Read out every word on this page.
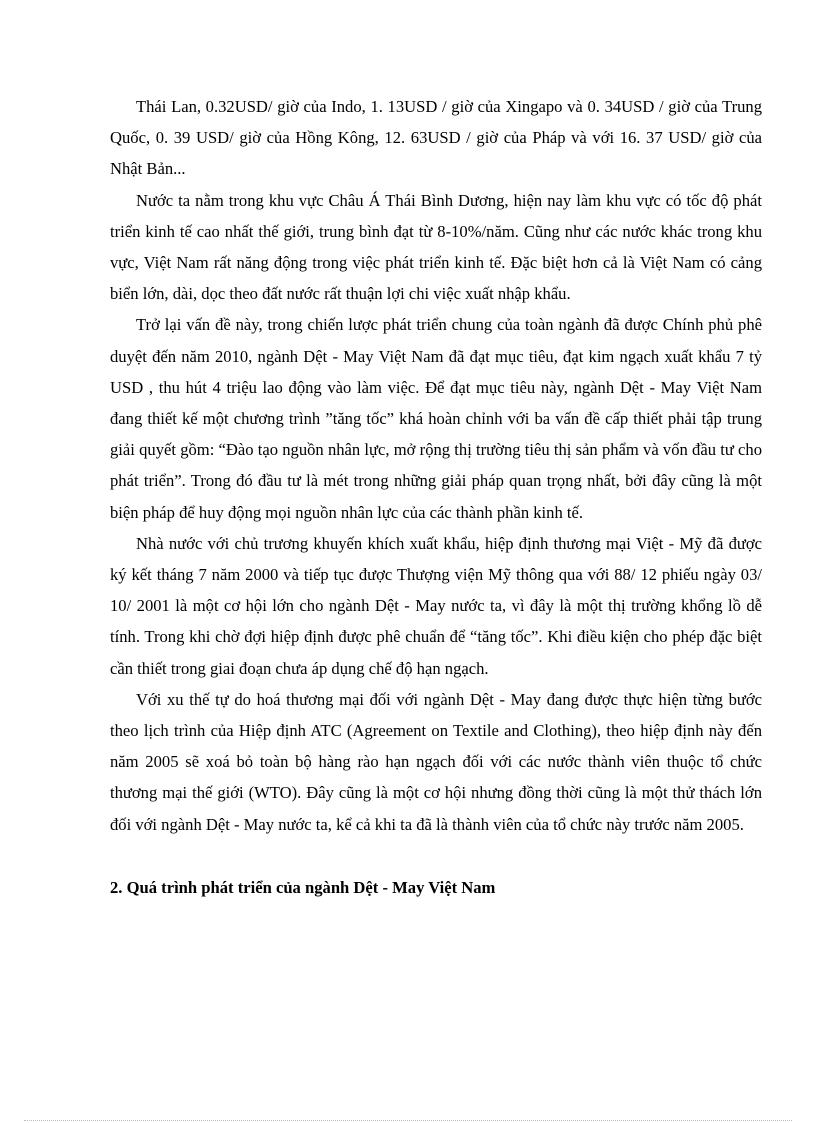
Thái Lan, 0.32USD/ giờ của Indo, 1. 13USD / giờ của Xingapo và 0. 34USD / giờ của Trung Quốc, 0. 39 USD/ giờ của Hồng Kông, 12. 63USD / giờ của Pháp và với 16. 37 USD/ giờ của Nhật Bản...

Nước ta nằm trong khu vực Châu Á Thái Bình Dương, hiện nay làm khu vực có tốc độ phát triển kinh tế cao nhất thế giới, trung bình đạt từ 8-10%/năm. Cũng như các nước khác trong khu vực, Việt Nam rất năng động trong việc phát triển kinh tế. Đặc biệt hơn cả là Việt Nam có cảng biển lớn, dài, dọc theo đất nước rất thuận lợi chi việc xuất nhập khẩu.

Trở lại vấn đề này, trong chiến lược phát triển chung của toàn ngành đã được Chính phủ phê duyệt đến năm 2010, ngành Dệt - May Việt Nam đã đạt mục tiêu, đạt kim ngạch xuất khẩu 7 tỷ USD , thu hút 4 triệu lao động vào làm việc. Để đạt mục tiêu này, ngành Dệt - May Việt Nam đang thiết kế một chương trình ”tăng tốc” khá hoàn chỉnh với ba vấn đề cấp thiết phải tập trung giải quyết gồm: “Đào tạo nguồn nhân lực, mở rộng thị trường tiêu thị sản phẩm và vốn đầu tư cho phát triển”. Trong đó đầu tư là mét trong những giải pháp quan trọng nhất, bởi đây cũng là một biện pháp để huy động mọi nguồn nhân lực của các thành phần kinh tế.

Nhà nước với chủ trương khuyến khích xuất khẩu, hiệp định thương mại Việt - Mỹ đã được ký kết tháng 7 năm 2000 và tiếp tục được Thượng viện Mỹ thông qua với 88/ 12 phiếu ngày 03/ 10/ 2001 là một cơ hội lớn cho ngành Dệt - May nước ta, vì đây là một thị trường khổng lồ dễ tính. Trong khi chờ đợi hiệp định được phê chuẩn để “tăng tốc”. Khi điều kiện cho phép đặc biệt cần thiết trong giai đoạn chưa áp dụng chế độ hạn ngạch.

Với xu thế tự do hoá thương mại đối với ngành Dệt - May đang được thực hiện từng bước theo lịch trình của Hiệp định ATC (Agreement on Textile and Clothing), theo hiệp định này đến năm 2005 sẽ xoá bỏ toàn bộ hàng rào hạn ngạch đối với các nước thành viên thuộc tổ chức thương mại thế giới (WTO). Đây cũng là một cơ hội nhưng đồng thời cũng là một thử thách lớn đối với ngành Dệt - May nước ta, kể cả khi ta đã là thành viên của tổ chức này trước năm 2005.

2. Quá trình phát triển của ngành Dệt - May Việt Nam
